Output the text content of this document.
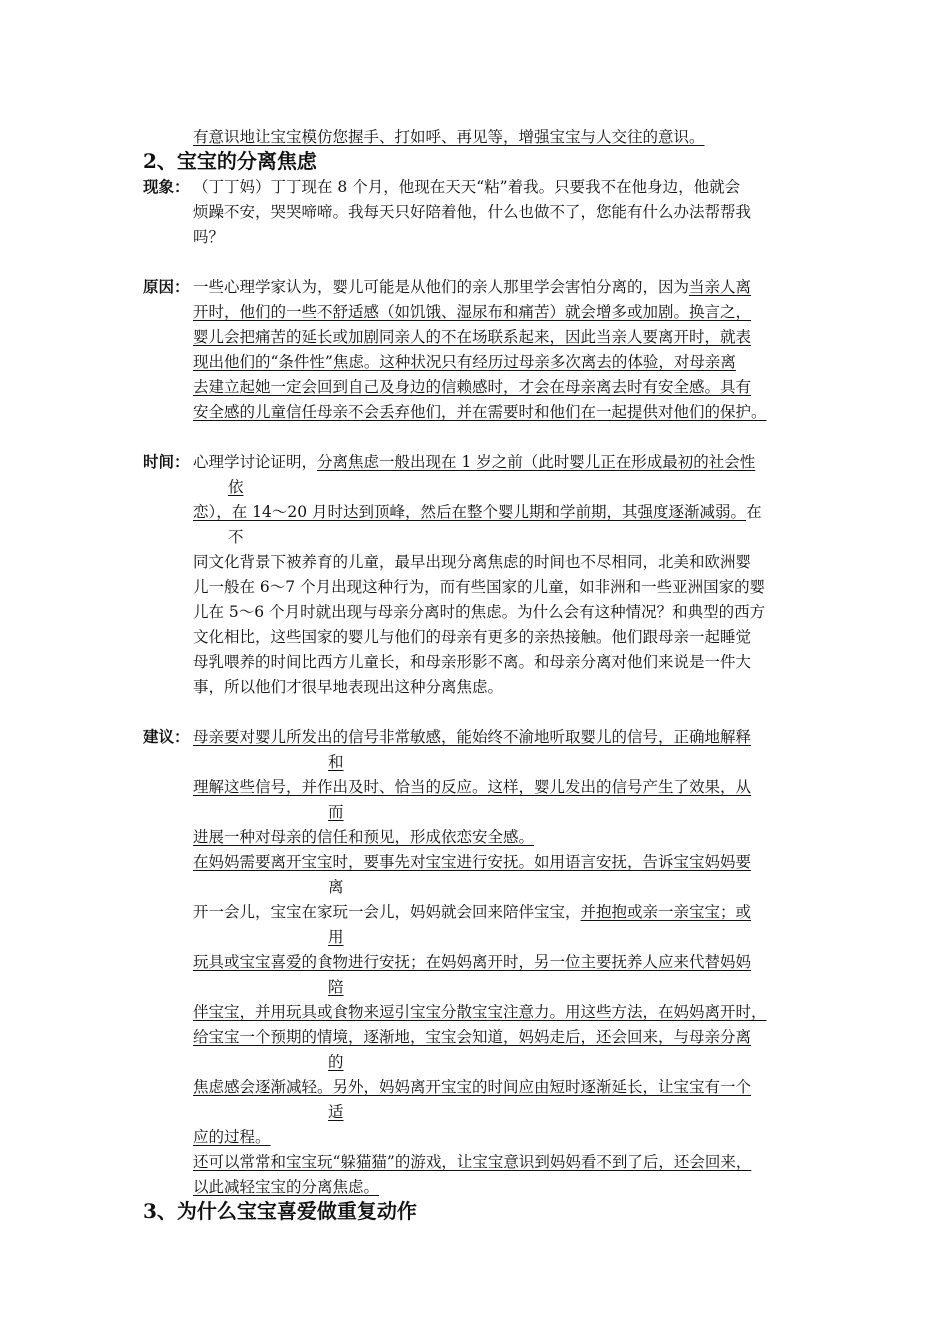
有意识地让宝宝模仿您握手、打如呼、再见等，增强宝宝与人交往的意识。
2、宝宝的分离焦虑
现象： （丁丁妈）丁丁现在 8 个月，他现在天天“粘”着我。只要我不在他身边，他就会
烦躁不安，哭哭啼啼。我每天只好陪着他，什么也做不了，您能有什么办法帮帮我
吗？
原因： 一些心理学家认为，婴儿可能是从他们的亲人那里学会害怕分离的，因为当亲人离
开时，他们的一些不舒适感（如饥饿、湿尿布和痛苦）就会增多或加剧。换言之，
婴儿会把痛苦的延长或加剧同亲人的不在场联系起来，因此当亲人要离开时，就表
现出他们的“条件性”焦虑。这种状况只有经历过母亲多次离去的体验，对母亲离
去建立起她一定会回到自己及身边的信赖感时，才会在母亲离去时有安全感。具有
安全感的儿童信任母亲不会丢弃他们，并在需要时和他们在一起提供对他们的保护。
时间： 心理学讨论证明，分离焦虑一般出现在 1 岁之前（此时婴儿正在形成最初的社会性
依
恋），在 14～20 月时达到顶峰，然后在整个婴儿期和学前期，其强度逐渐减弱。在
不
同文化背景下被养育的儿童，最早出现分离焦虑的时间也不尽相同，北美和欧洲婴
儿一般在 6～7 个月出现这种行为，而有些国家的儿童，如非洲和一些亚洲国家的婴
儿在 5～6 个月时就出现与母亲分离时的焦虑。为什么会有这种情况？和典型的西方
文化相比，这些国家的婴儿与他们的母亲有更多的亲热接触。他们跟母亲一起睡觉
母乳喂养的时间比西方儿童长，和母亲形影不离。和母亲分离对他们来说是一件大
事，所以他们才很早地表现出这种分离焦虑。
建议： 母亲要对婴儿所发出的信号非常敏感，能始终不渝地听取婴儿的信号，正确地解释
和
理解这些信号，并作出及时、恰当的反应。这样，婴儿发出的信号产生了效果，从
而
进展一种对母亲的信任和预见，形成依恋安全感。
在妈妈需要离开宝宝时，要事先对宝宝进行安抚。如用语言安抚，告诉宝宝妈妈要
离
开一会儿，宝宝在家玩一会儿，妈妈就会回来陪伴宝宝，并抱抱或亲一亲宝宝；或
用
玩具或宝宝喜爱的食物进行安抚；在妈妈离开时，另一位主要抚养人应来代替妈妈
陪
伴宝宝，并用玩具或食物来逗引宝宝分散宝宝注意力。用这些方法，在妈妈离开时，
给宝宝一个预期的情境，逐渐地，宝宝会知道，妈妈走后，还会回来，与母亲分离
的
焦虑感会逐渐减轻。另外，妈妈离开宝宝的时间应由短时逐渐延长，让宝宝有一个
适
应的过程。
还可以常常和宝宝玩“躲猫猫”的游戏，让宝宝意识到妈妈看不到了后，还会回来，
以此减轻宝宝的分离焦虑。
3、为什么宝宝喜爱做重复动作
